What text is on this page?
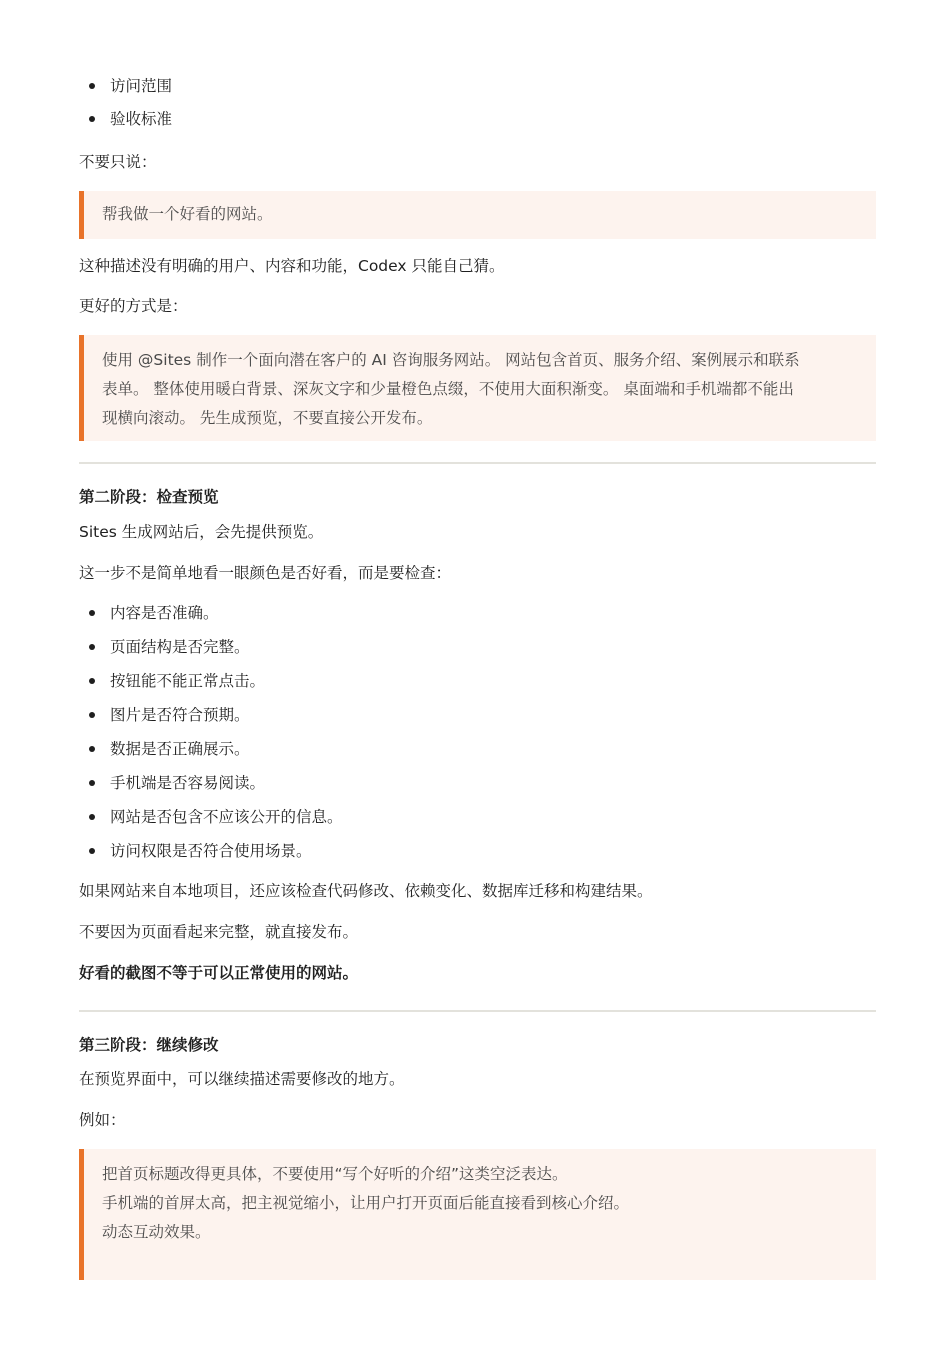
访问范围
验收标准

不要只说：

帮我做一个好看的网站。

这种描述没有明确的用户、内容和功能，Codex 只能自己猜。

更好的方式是：

使用 @Sites 制作一个面向潜在客户的 AI 咨询服务网站。 网站包含首页、服务介绍、案例展示和联系

表单。 整体使用暖白背景、深灰文字和少量橙色点缀，不使用大面积渐变。 桌面端和手机端都不能出

现横向滚动。 先生成预览，不要直接公开发布。

第二阶段：检查预览

Sites 生成网站后，会先提供预览。

这一步不是简单地看一眼颜色是否好看，而是要检查：

内容是否准确。
页面结构是否完整。
按钮能不能正常点击。
图片是否符合预期。
数据是否正确展示。
手机端是否容易阅读。
网站是否包含不应该公开的信息。
访问权限是否符合使用场景。

如果网站来自本地项目，还应该检查代码修改、依赖变化、数据库迁移和构建结果。

不要因为页面看起来完整，就直接发布。

好看的截图不等于可以正常使用的网站。

第三阶段：继续修改

在预览界面中，可以继续描述需要修改的地方。

例如：

把首页标题改得更具体，不要使用“写个好听的介绍”这类空泛表达。

手机端的首屏太高，把主视觉缩小，让用户打开页面后能直接看到核心介绍。

动态互动效果。
